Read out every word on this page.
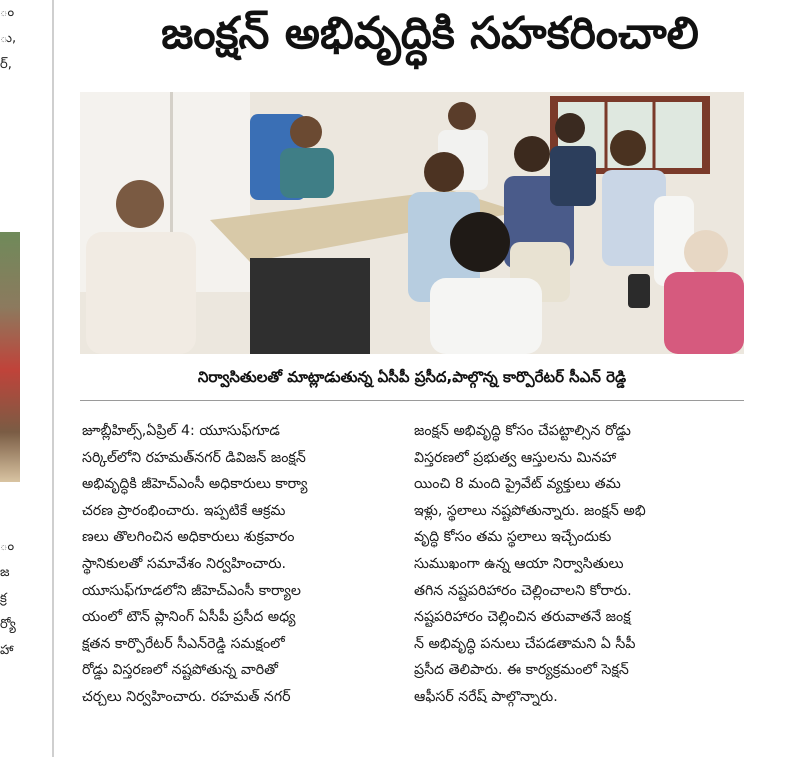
ం
ు,
ర్,
ం
జ
క్ర
ర్యో
హా
జంక్షన్ అభివృద్ధికి సహకరించాలి
నిర్వాసితులతో మాట్లాడుతున్న ఏసీపీ ప్రసీద,పాల్గొన్న కార్పొరేటర్ సీఎన్ రెడ్డి

జూబ్లీహిల్స్,ఏప్రిల్ 4: యూసుఫ్‌గూడ

సర్కిల్‌లోని రహమత్‌నగర్ డివిజన్ జంక్షన్

అభివృద్ధికి జీహెచ్‌ఎంసీ అధికారులు కార్యా

చరణ ప్రారంభించారు. ఇప్పటికే ఆక్రమ

ణలు తొలగించిన అధికారులు శుక్రవారం

స్థానికులతో సమావేశం నిర్వహించారు.

యూసుఫ్‌గూడలోని జీహెచ్‌ఎంసీ కార్యాల

యంలో టౌన్ ప్లానింగ్ ఏసీపీ ప్రసీద అధ్య

క్షతన కార్పొరేటర్ సీఎన్‌రెడ్డి సమక్షంలో

రోడ్డు విస్తరణలో నష్టపోతున్న వారితో

చర్చలు నిర్వహించారు. రహమత్ నగర్

జంక్షన్ అభివృద్ధి కోసం చేపట్టాల్సిన రోడ్డు

విస్తరణలో ప్రభుత్వ ఆస్తులను మినహా

యించి 8 మంది ప్రైవేట్ వ్యక్తులు తమ

ఇళ్లు, స్థలాలు నష్టపోతున్నారు. జంక్షన్ అభి

వృద్ధి కోసం తమ స్థలాలు ఇచ్చేందుకు

సుముఖంగా ఉన్న ఆయా నిర్వాసితులు

తగిన నష్టపరిహారం చెల్లించాలని కోరారు.

నష్టపరిహారం చెల్లించిన తరువాతనే జంక్ష

న్ అభివృద్ధి పనులు చేపడతామని ఏ సీపీ

ప్రసీద తెలిపారు. ఈ కార్యక్రమంలో సెక్షన్

ఆఫీసర్ నరేష్ పాల్గొన్నారు.
